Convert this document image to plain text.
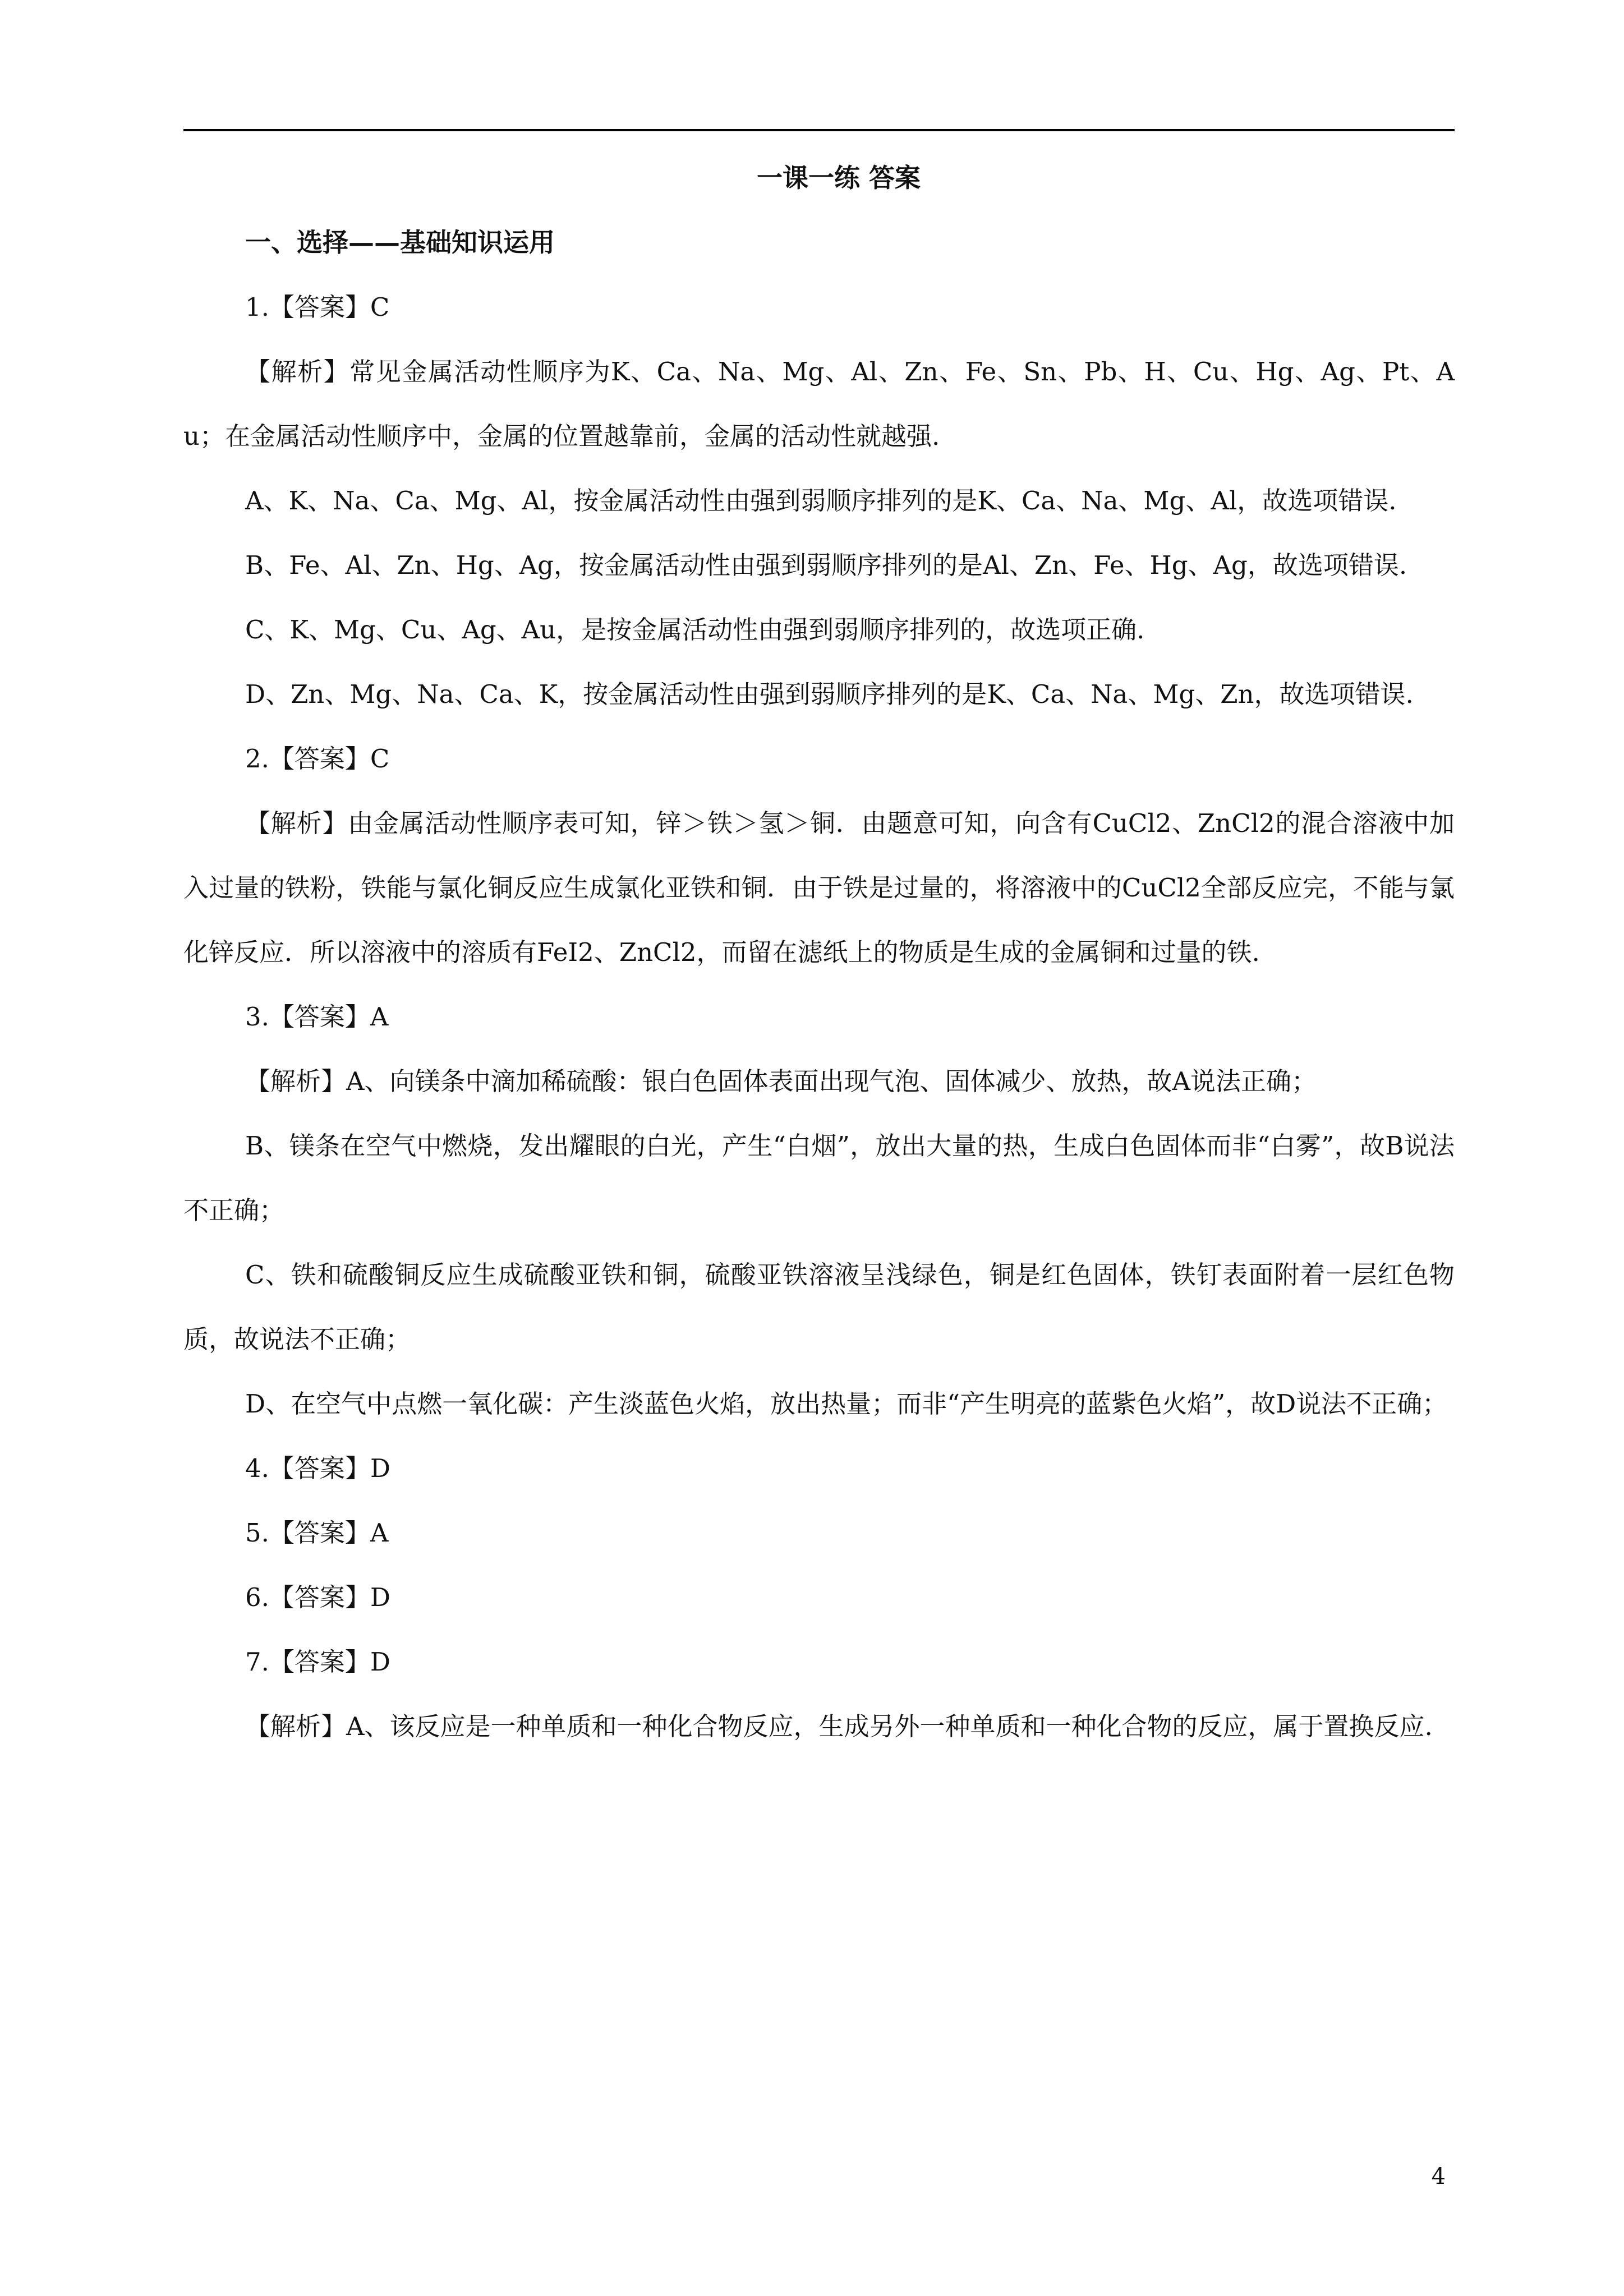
一课一练 答案

一、选择——基础知识运用

1.【答案】C

【解析】常见金属活动性顺序为K、Ca、Na、Mg、Al、Zn、Fe、Sn、Pb、H、Cu、Hg、Ag、Pt、Au；在金属活动性顺序中，金属的位置越靠前，金属的活动性就越强.

A、K、Na、Ca、Mg、Al，按金属活动性由强到弱顺序排列的是K、Ca、Na、Mg、Al，故选项错误.

B、Fe、Al、Zn、Hg、Ag，按金属活动性由强到弱顺序排列的是Al、Zn、Fe、Hg、Ag，故选项错误.

C、K、Mg、Cu、Ag、Au，是按金属活动性由强到弱顺序排列的，故选项正确.

D、Zn、Mg、Na、Ca、K，按金属活动性由强到弱顺序排列的是K、Ca、Na、Mg、Zn，故选项错误.

2.【答案】C

【解析】由金属活动性顺序表可知，锌＞铁＞氢＞铜．由题意可知，向含有CuCl2、ZnCl2的混合溶液中加入过量的铁粉，铁能与氯化铜反应生成氯化亚铁和铜．由于铁是过量的，将溶液中的CuCl2全部反应完，不能与氯化锌反应．所以溶液中的溶质有FeI2、ZnCl2，而留在滤纸上的物质是生成的金属铜和过量的铁.

3.【答案】A

【解析】A、向镁条中滴加稀硫酸：银白色固体表面出现气泡、固体减少、放热，故A说法正确；

B、镁条在空气中燃烧，发出耀眼的白光，产生“白烟”，放出大量的热，生成白色固体而非“白雾”，故B说法不正确；

C、铁和硫酸铜反应生成硫酸亚铁和铜，硫酸亚铁溶液呈浅绿色，铜是红色固体，铁钉表面附着一层红色物质，故说法不正确；

D、在空气中点燃一氧化碳：产生淡蓝色火焰，放出热量；而非“产生明亮的蓝紫色火焰”，故D说法不正确；

4.【答案】D

5.【答案】A

6.【答案】D

7.【答案】D

【解析】A、该反应是一种单质和一种化合物反应，生成另外一种单质和一种化合物的反应，属于置换反应.

4
